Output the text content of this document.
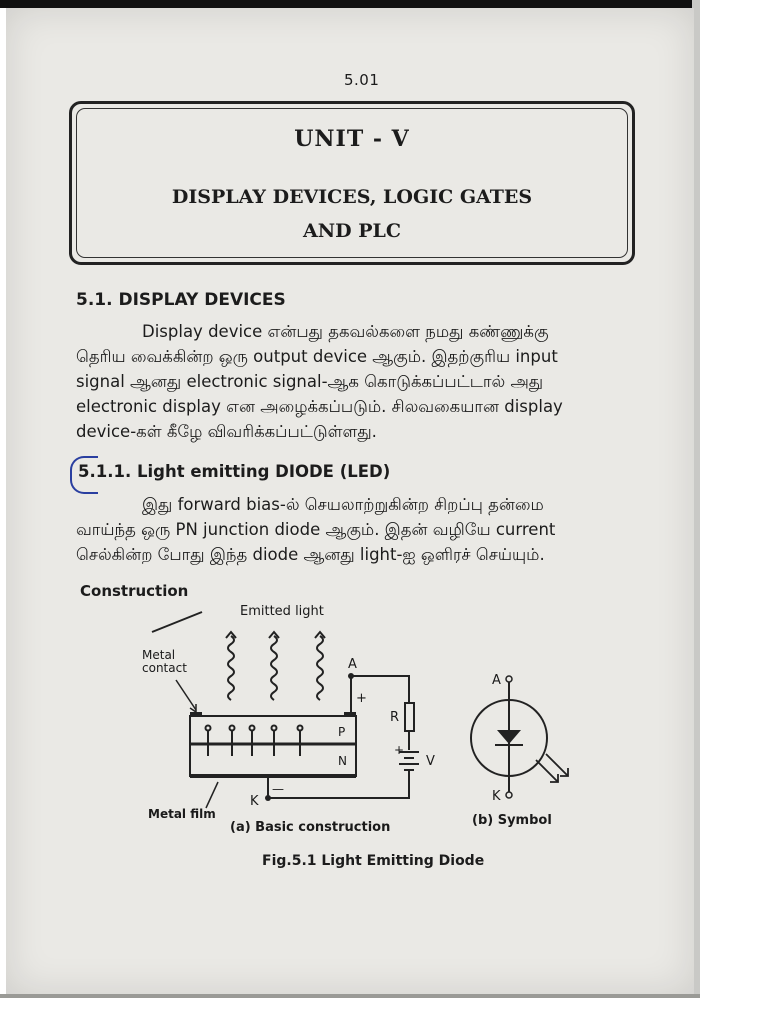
5.01
UNIT - V
DISPLAY DEVICES, LOGIC GATES
AND PLC
5.1. DISPLAY DEVICES
Display device என்பது தகவல்களை நமது கண்ணுக்கு
தெரிய வைக்கின்ற ஒரு output device ஆகும். இதற்குரிய input
signal ஆனது electronic signal-ஆக கொடுக்கப்பட்டால் அது
electronic display என அழைக்கப்படும். சிலவகையான display
device-கள் கீழே விவரிக்கப்பட்டுள்ளது.
5.1.1. Light emitting DIODE (LED)
இது forward bias-ல் செயலாற்றுகின்ற சிறப்பு தன்மை
வாய்ந்த ஒரு PN junction diode ஆகும். இதன் வழியே current
செல்கின்ற போது இந்த diode ஆனது light-ஐ ஒளிரச் செய்யும்.
Construction
Emitted light
Metal
contact
P
N
A
+
R
+
V
K
—
Metal film
(a) Basic construction
A
K
(b) Symbol
Fig.5.1 Light Emitting Diode
